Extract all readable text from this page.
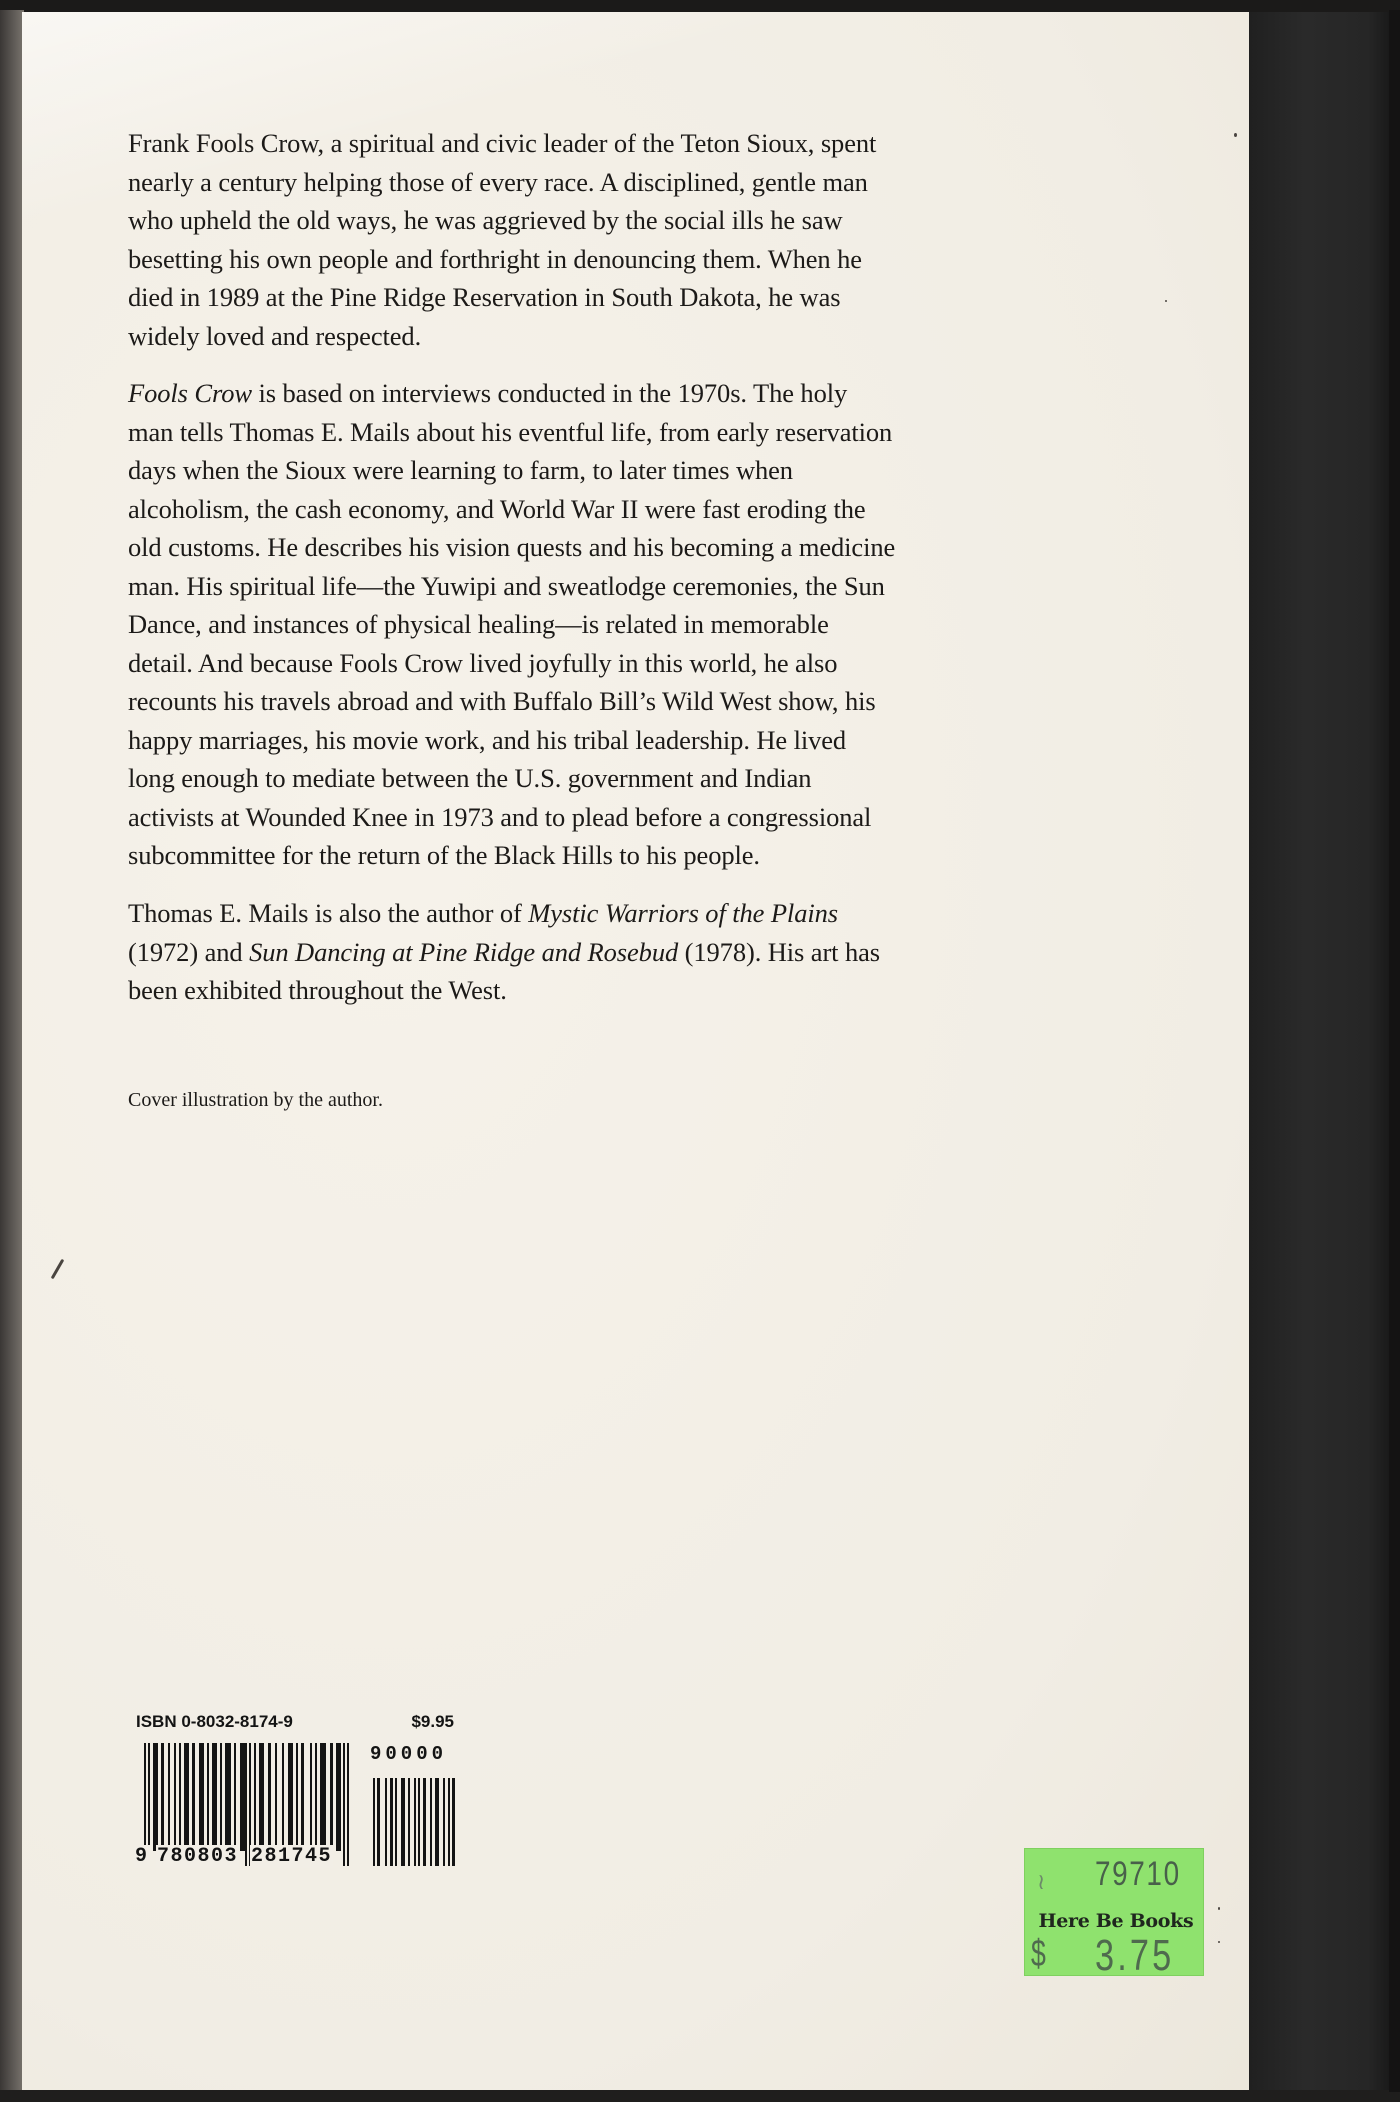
Frank Fools Crow, a spiritual and civic leader of the Teton Sioux, spent
nearly a century helping those of every race. A disciplined, gentle man
who upheld the old ways, he was aggrieved by the social ills he saw
besetting his own people and forthright in denouncing them. When he
died in 1989 at the Pine Ridge Reservation in South Dakota, he was
widely loved and respected.
Fools Crow is based on interviews conducted in the 1970s. The holy
man tells Thomas E. Mails about his eventful life, from early reservation
days when the Sioux were learning to farm, to later times when
alcoholism, the cash economy, and World War II were fast eroding the
old customs. He describes his vision quests and his becoming a medicine
man. His spiritual life—the Yuwipi and sweatlodge ceremonies, the Sun
Dance, and instances of physical healing—is related in memorable
detail. And because Fools Crow lived joyfully in this world, he also
recounts his travels abroad and with Buffalo Bill’s Wild West show, his
happy marriages, his movie work, and his tribal leadership. He lived
long enough to mediate between the U.S. government and Indian
activists at Wounded Knee in 1973 and to plead before a congressional
subcommittee for the return of the Black Hills to his people.
Thomas E. Mails is also the author of Mystic Warriors of the Plains
(1972) and Sun Dancing at Pine Ridge and Rosebud (1978). His art has
been exhibited throughout the West.
Cover illustration by the author.
ISBN 0-8032-8174-9	$9.95
90000
9 780803 281745
≀ 79710
Here Be Books
$ 3.75
